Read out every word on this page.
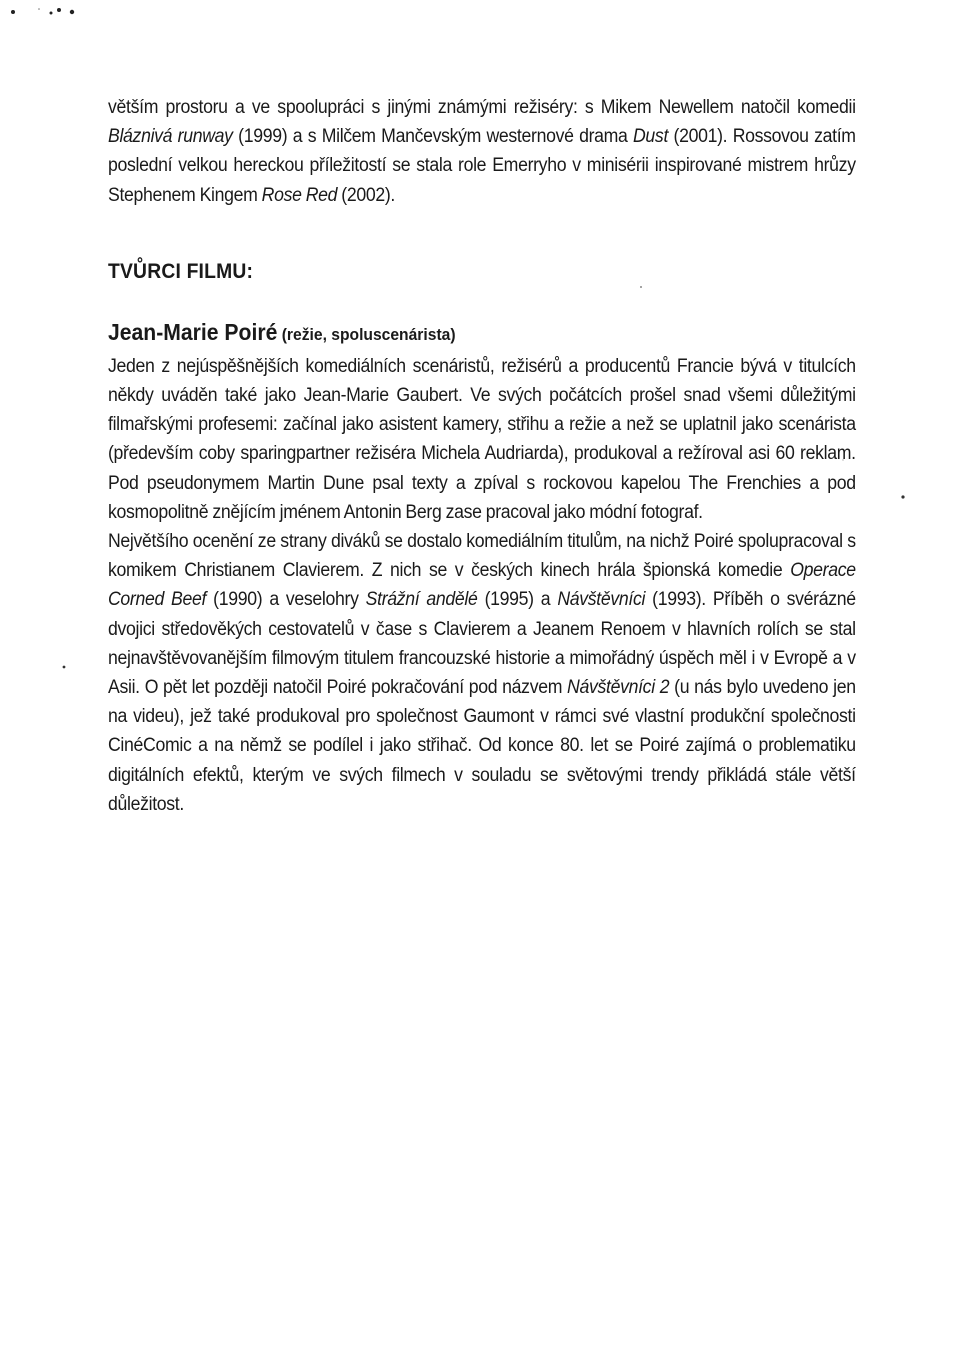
větším prostoru a ve spoolupráci s jinými známými režiséry: s Mikem Newellem natočil komedii Bláznivá runway (1999) a s Milčem Mančevským westernové drama Dust (2001). Rossovou zatím poslední velkou hereckou příležitostí se stala role Emerryho v minisérii inspirované mistrem hrůzy Stephenem Kingem Rose Red (2002).

TVŮRCI FILMU:
Jean-Marie Poiré (režie, spoluscenárista)

Jeden z nejúspěšnějších komediálních scenáristů, režisérů a producentů Francie bývá v titulcích někdy uváděn také jako Jean-Marie Gaubert. Ve svých počátcích prošel snad všemi důležitými filmařskými profesemi: začínal jako asistent kamery, střihu a režie a než se uplatnil jako scenárista (především coby sparingpartner režiséra Michela Audriarda), produkoval a režíroval asi 60 reklam. Pod pseudonymem Martin Dune psal texty a zpíval s rockovou kapelou The Frenchies a pod kosmopolitně znějícím jménem Antonin Berg zase pracoval jako módní fotograf.

Největšího ocenění ze strany diváků se dostalo komediálním titulům, na nichž Poiré spolupracoval s komikem Christianem Clavierem. Z nich se v českých kinech hrála špionská komedie Operace Corned Beef (1990) a veselohry Strážní andělé (1995) a Návštěvníci (1993). Příběh o svérázné dvojici středověkých cestovatelů v čase s Clavierem a Jeanem Renoem v hlavních rolích se stal nejnavštěvovanějším filmovým titulem francouzské historie a mimořádný úspěch měl i v Evropě a v Asii. O pět let později natočil Poiré pokračování pod názvem Návštěvníci 2 (u nás bylo uvedeno jen na videu), jež také produkoval pro společnost Gaumont v rámci své vlastní produkční společnosti CinéComic a na němž se podílel i jako střihač. Od konce 80. let se Poiré zajímá o problematiku digitálních efektů, kterým ve svých filmech v souladu se světovými trendy přikládá stále větší důležitost.
